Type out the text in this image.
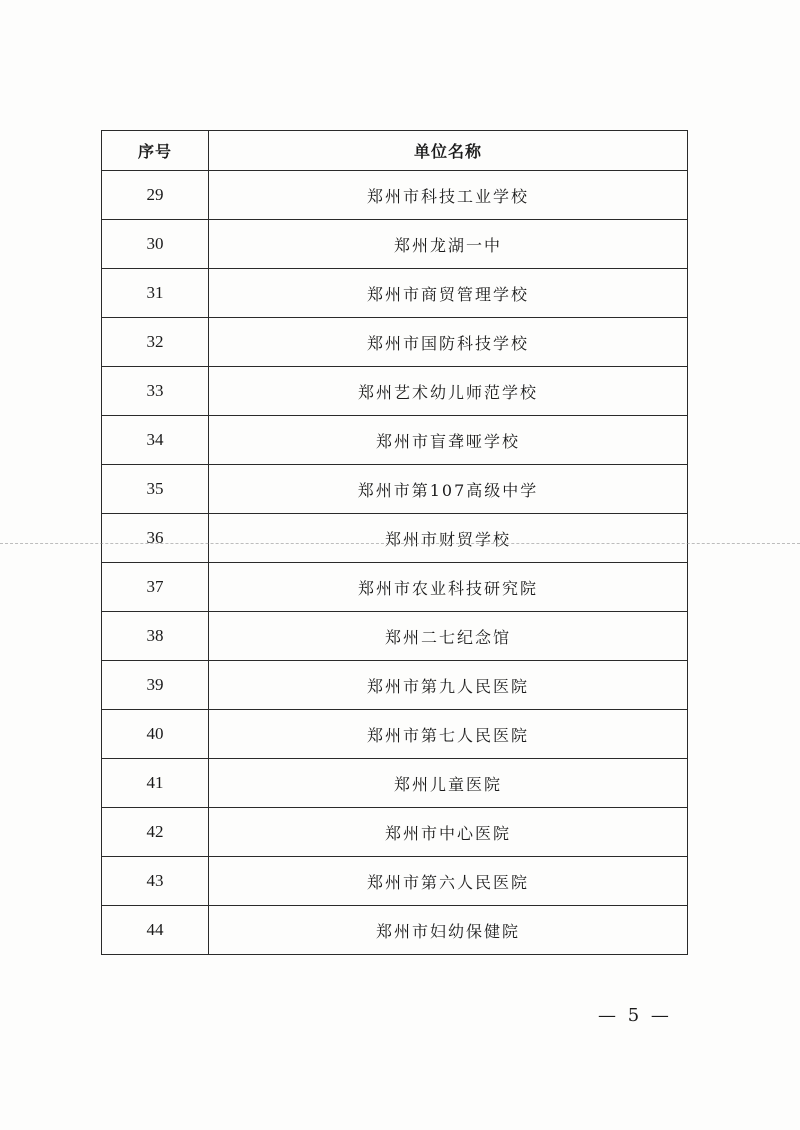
序号	单位名称
29	郑州市科技工业学校
30	郑州龙湖一中
31	郑州市商贸管理学校
32	郑州市国防科技学校
33	郑州艺术幼儿师范学校
34	郑州市盲聋哑学校
35	郑州市第107高级中学
36	郑州市财贸学校
37	郑州市农业科技研究院
38	郑州二七纪念馆
39	郑州市第九人民医院
40	郑州市第七人民医院
41	郑州儿童医院
42	郑州市中心医院
43	郑州市第六人民医院
44	郑州市妇幼保健院
— 5 —
